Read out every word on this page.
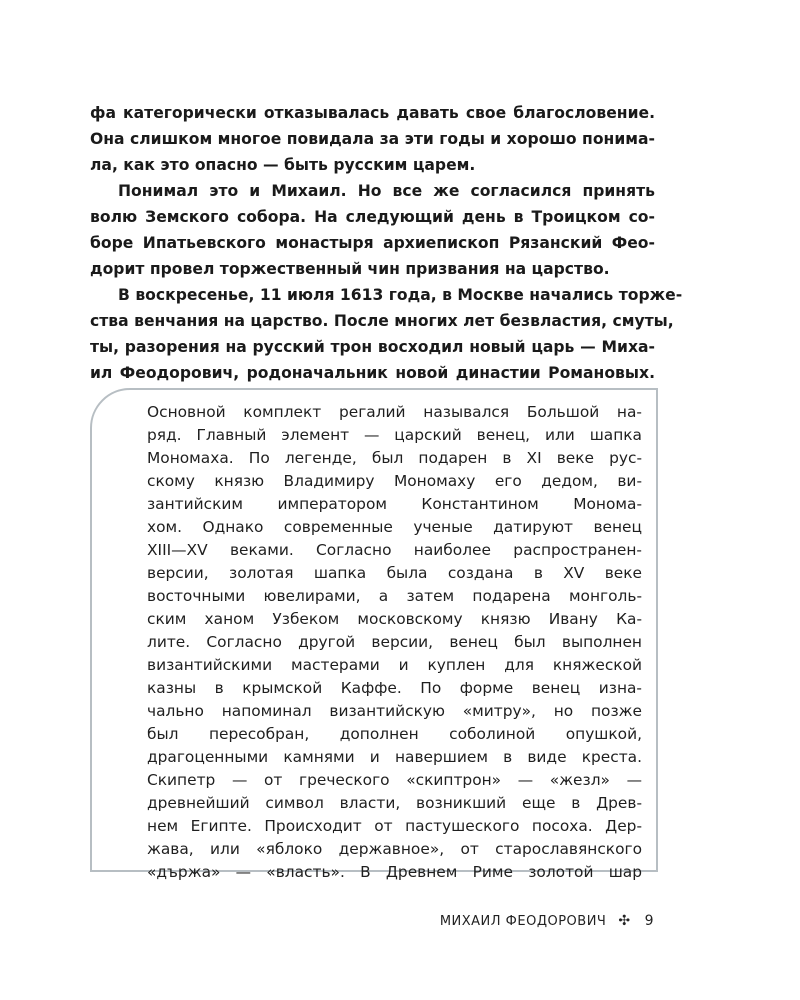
фа категорически отказывалась давать свое благословение.
Она слишком многое повидала за эти годы и хорошо понима-
ла, как это опасно — быть русским царем.
Понимал это и Михаил. Но все же согласился принять
волю Земского собора. На следующий день в Троицком со-
боре Ипатьевского монастыря архиепископ Рязанский Фео-
дорит провел торжественный чин призвания на царство.
В воскресенье, 11 июля 1613 года, в Москве начались торже-
ства венчания на царство. После многих лет безвластия, смуты,
ты, разорения на русский трон восходил новый царь — Миха-
ил Феодорович, родоначальник новой династии Романовых.
Основной комплект регалий назывался Большой на-
ряд. Главный элемент — царский венец, или шапка
Мономаха. По легенде, был подарен в XI веке рус-
скому князю Владимиру Мономаху его дедом, ви-
зантийским императором Константином Монома-
хом. Однако современные ученые датируют венец
XIII—XV веками. Согласно наиболее распространен-
версии, золотая шапка была создана в XV веке
восточными ювелирами, а затем подарена монголь-
ским ханом Узбеком московскому князю Ивану Ка-
лите. Согласно другой версии, венец был выполнен
византийскими мастерами и куплен для княжеской
казны в крымской Каффе. По форме венец изна-
чально напоминал византийскую «митру», но позже
был пересобран, дополнен соболиной опушкой,
драгоценными камнями и навершием в виде креста.
Скипетр — от греческого «скиптрон» — «жезл» —
древнейший символ власти, возникший еще в Древ-
нем Египте. Происходит от пастушеского посоха. Дер-
жава, или «яблоко державное», от старославянского
«държа» — «власть». В Древнем Риме золотой шар
МИХАИЛ ФЕОДОРОВИЧ ✣ 9
